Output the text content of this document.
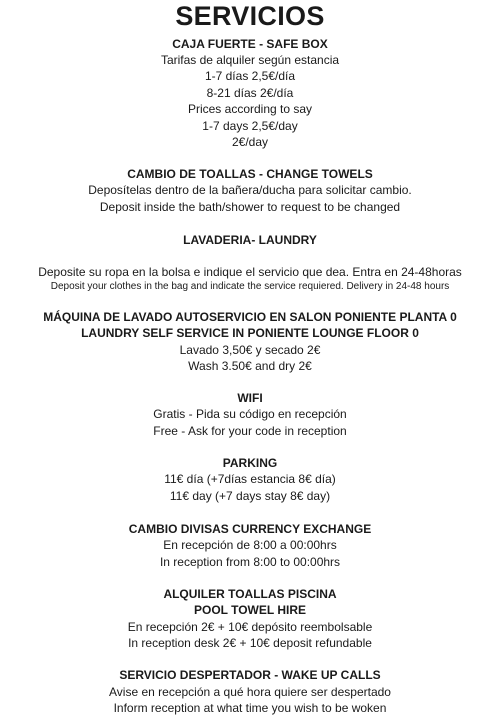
SERVICIOS
CAJA FUERTE - SAFE BOX
Tarifas de alquiler según estancia
1-7 días 2,5€/día
8-21 días 2€/día
Prices according to say
1-7 days 2,5€/day
2€/day
CAMBIO DE TOALLAS - CHANGE TOWELS
Deposítelas dentro de la bañera/ducha para solicitar cambio.
Deposit inside the bath/shower to request to be changed
LAVADERIA- LAUNDRY
Deposite su ropa en la bolsa e indique el servicio que dea. Entra en 24-48horas
Deposit your clothes in the bag and indicate the service requiered. Delivery in 24-48 hours
MÁQUINA DE LAVADO AUTOSERVICIO EN SALON PONIENTE PLANTA 0
LAUNDRY SELF SERVICE IN PONIENTE LOUNGE FLOOR 0
Lavado 3,50€ y secado 2€
Wash 3.50€ and dry 2€
WIFI
Gratis - Pida su código en recepción
Free - Ask for your code in reception
PARKING
11€ día (+7días estancia 8€ día)
11€ day (+7 days stay 8€ day)
CAMBIO DIVISAS CURRENCY EXCHANGE
En recepción de 8:00 a 00:00hrs
In reception from 8:00 to 00:00hrs
ALQUILER TOALLAS PISCINA
POOL TOWEL HIRE
En recepción 2€ + 10€ depósito reembolsable
In reception desk 2€ + 10€ deposit refundable
SERVICIO DESPERTADOR - WAKE UP CALLS
Avise en recepción a qué hora quiere ser despertado
Inform reception at what time you wish to be woken
